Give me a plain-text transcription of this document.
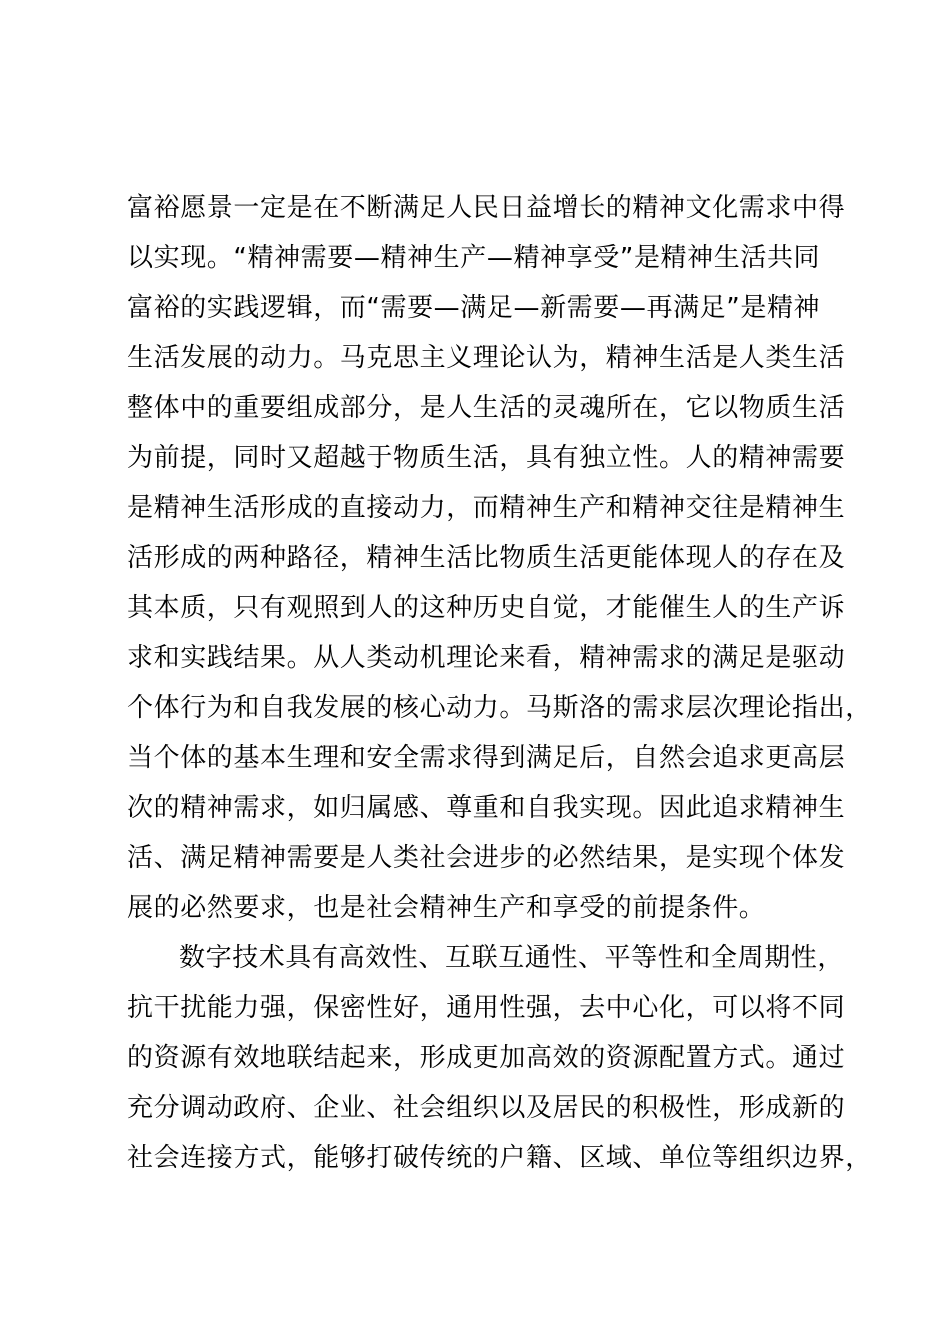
富裕愿景一定是在不断满足人民日益增长的精神文化需求中得
以实现。“精神需要—精神生产—精神享受”是精神生活共同
富裕的实践逻辑，而“需要—满足—新需要—再满足”是精神
生活发展的动力。马克思主义理论认为，精神生活是人类生活
整体中的重要组成部分，是人生活的灵魂所在，它以物质生活
为前提，同时又超越于物质生活，具有独立性。人的精神需要
是精神生活形成的直接动力，而精神生产和精神交往是精神生
活形成的两种路径，精神生活比物质生活更能体现人的存在及
其本质，只有观照到人的这种历史自觉，才能催生人的生产诉
求和实践结果。从人类动机理论来看，精神需求的满足是驱动
个体行为和自我发展的核心动力。马斯洛的需求层次理论指出，
当个体的基本生理和安全需求得到满足后，自然会追求更高层
次的精神需求，如归属感、尊重和自我实现。因此追求精神生
活、满足精神需要是人类社会进步的必然结果，是实现个体发
展的必然要求，也是社会精神生产和享受的前提条件。
数字技术具有高效性、互联互通性、平等性和全周期性，
抗干扰能力强，保密性好，通用性强，去中心化，可以将不同
的资源有效地联结起来，形成更加高效的资源配置方式。通过
充分调动政府、企业、社会组织以及居民的积极性，形成新的
社会连接方式，能够打破传统的户籍、区域、单位等组织边界，
